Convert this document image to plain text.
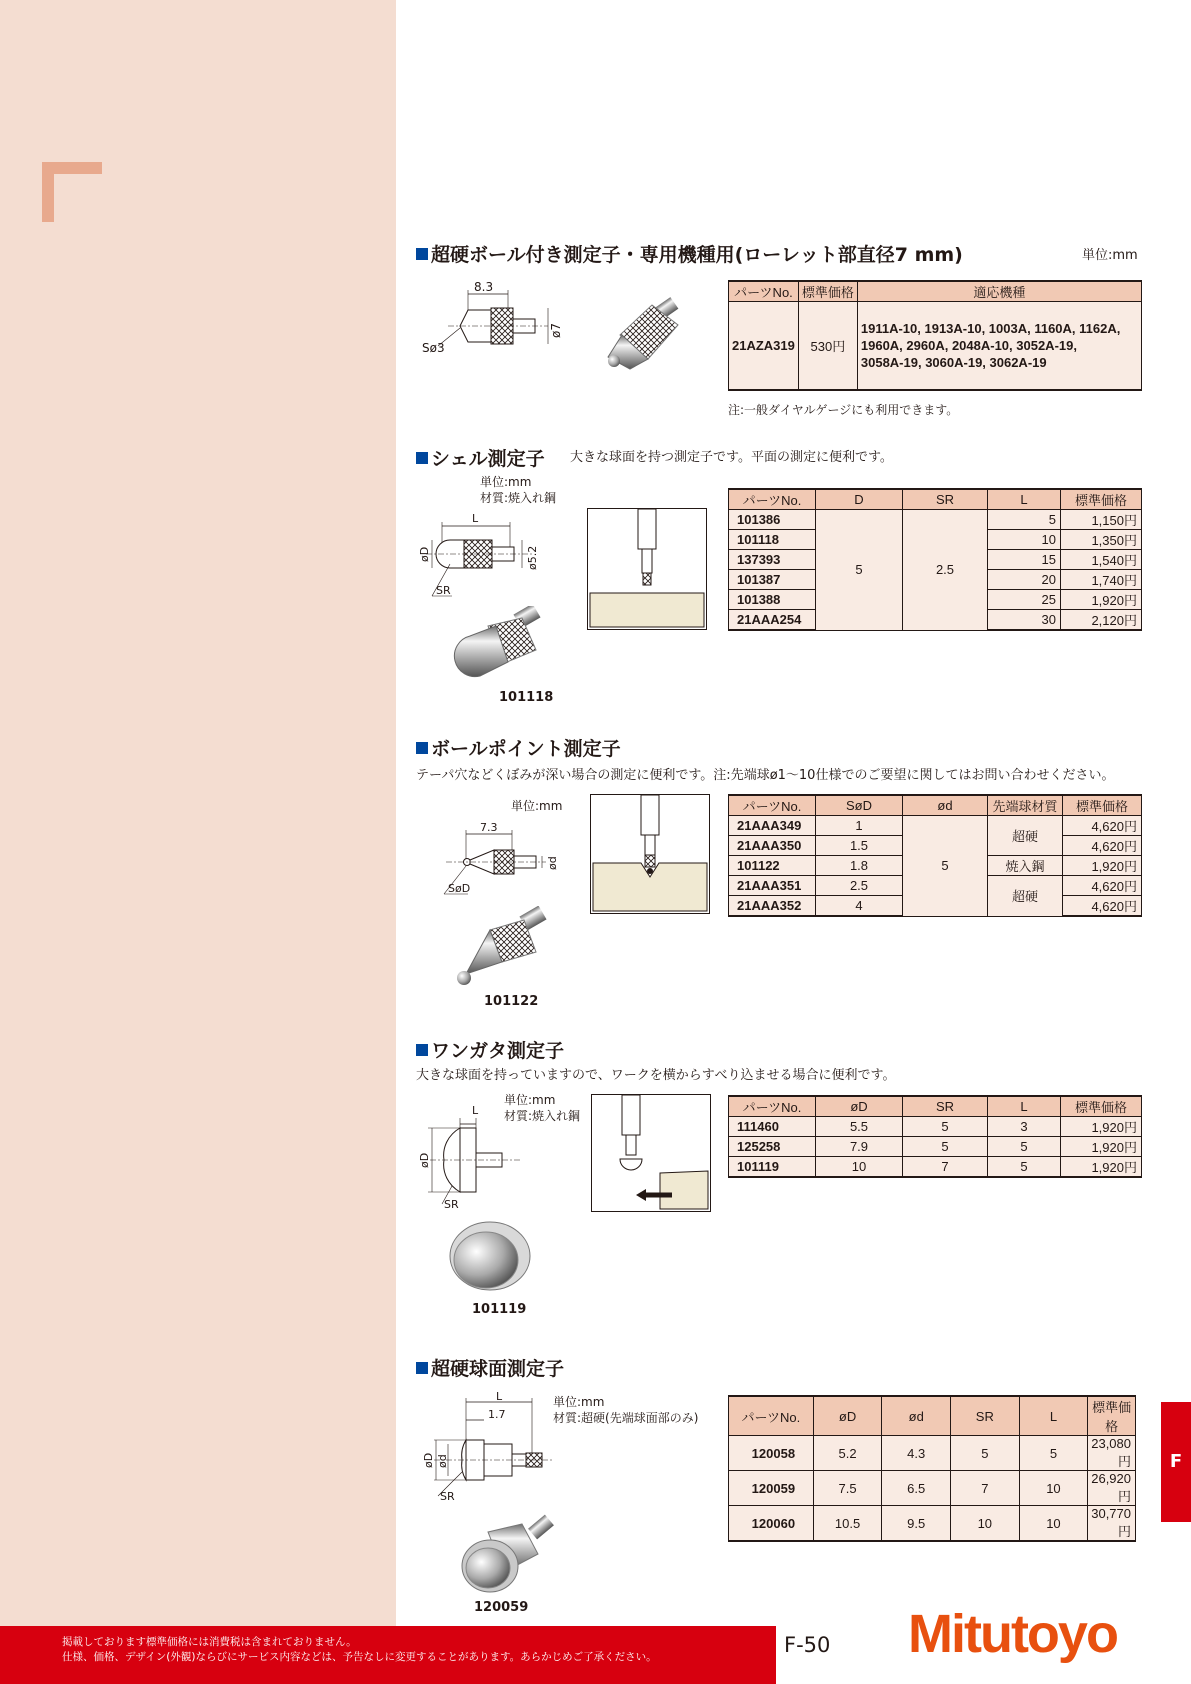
超硬ボール付き測定子・専用機種用(ローレット部直径7 mm)	単位:mm
8.3
Sø3
ø7
パーツNo.	標準価格	適応機種
21AZA319	530円	1911A-10, 1913A-10, 1003A, 1160A, 1162A,
1960A, 2960A, 2048A-10, 3052A-19,
3058A-19, 3060A-19, 3062A-19
注:一般ダイヤルゲージにも利用できます。
シェル測定子 大きな球面を持つ測定子です。平面の測定に便利です。
単位:mm
材質:焼入れ鋼
L
øD	ø5.2
SR
101118
パーツNo.	D	SR	L	標準価格
101386	5	2.5	5	1,150円
101118			10	1,350円
137393			15	1,540円
101387			20	1,740円
101388			25	1,920円
21AAA254			30	2,120円
ボールポイント測定子
テーパ穴などくぼみが深い場合の測定に便利です。注:先端球ø1～10仕様でのご要望に関してはお問い合わせください。
単位:mm
7.3
ød
SøD
101122
パーツNo.	SøD	ød	先端球材質	標準価格
21AAA349	1	5	超硬	4,620円
21AAA350	1.5			4,620円
101122	1.8		焼入鋼	1,920円
21AAA351	2.5		超硬	4,620円
21AAA352	4			4,620円
ワンガタ測定子
大きな球面を持っていますので、ワークを横からすべり込ませる場合に便利です。
単位:mm
材質:焼入れ鋼
L
øD
SR
101119
パーツNo.	øD	SR	L	標準価格
111460	5.5	5	3	1,920円
125258	7.9	5	5	1,920円
101119	10	7	5	1,920円
超硬球面測定子
単位:mm
材質:超硬(先端球面部のみ)
L
1.7
øD ød
SR
120059
パーツNo.	øD	ød	SR	L	標準価格
120058	5.2	4.3	5	5	23,080円
120059	7.5	6.5	7	10	26,920円
120060	10.5	9.5	10	10	30,770円
F
掲載しております標準価格には消費税は含まれておりません。
仕様、価格、デザイン(外観)ならびにサービス内容などは、予告なしに変更することがあります。あらかじめご了承ください。	F-50 Mitutoyo
